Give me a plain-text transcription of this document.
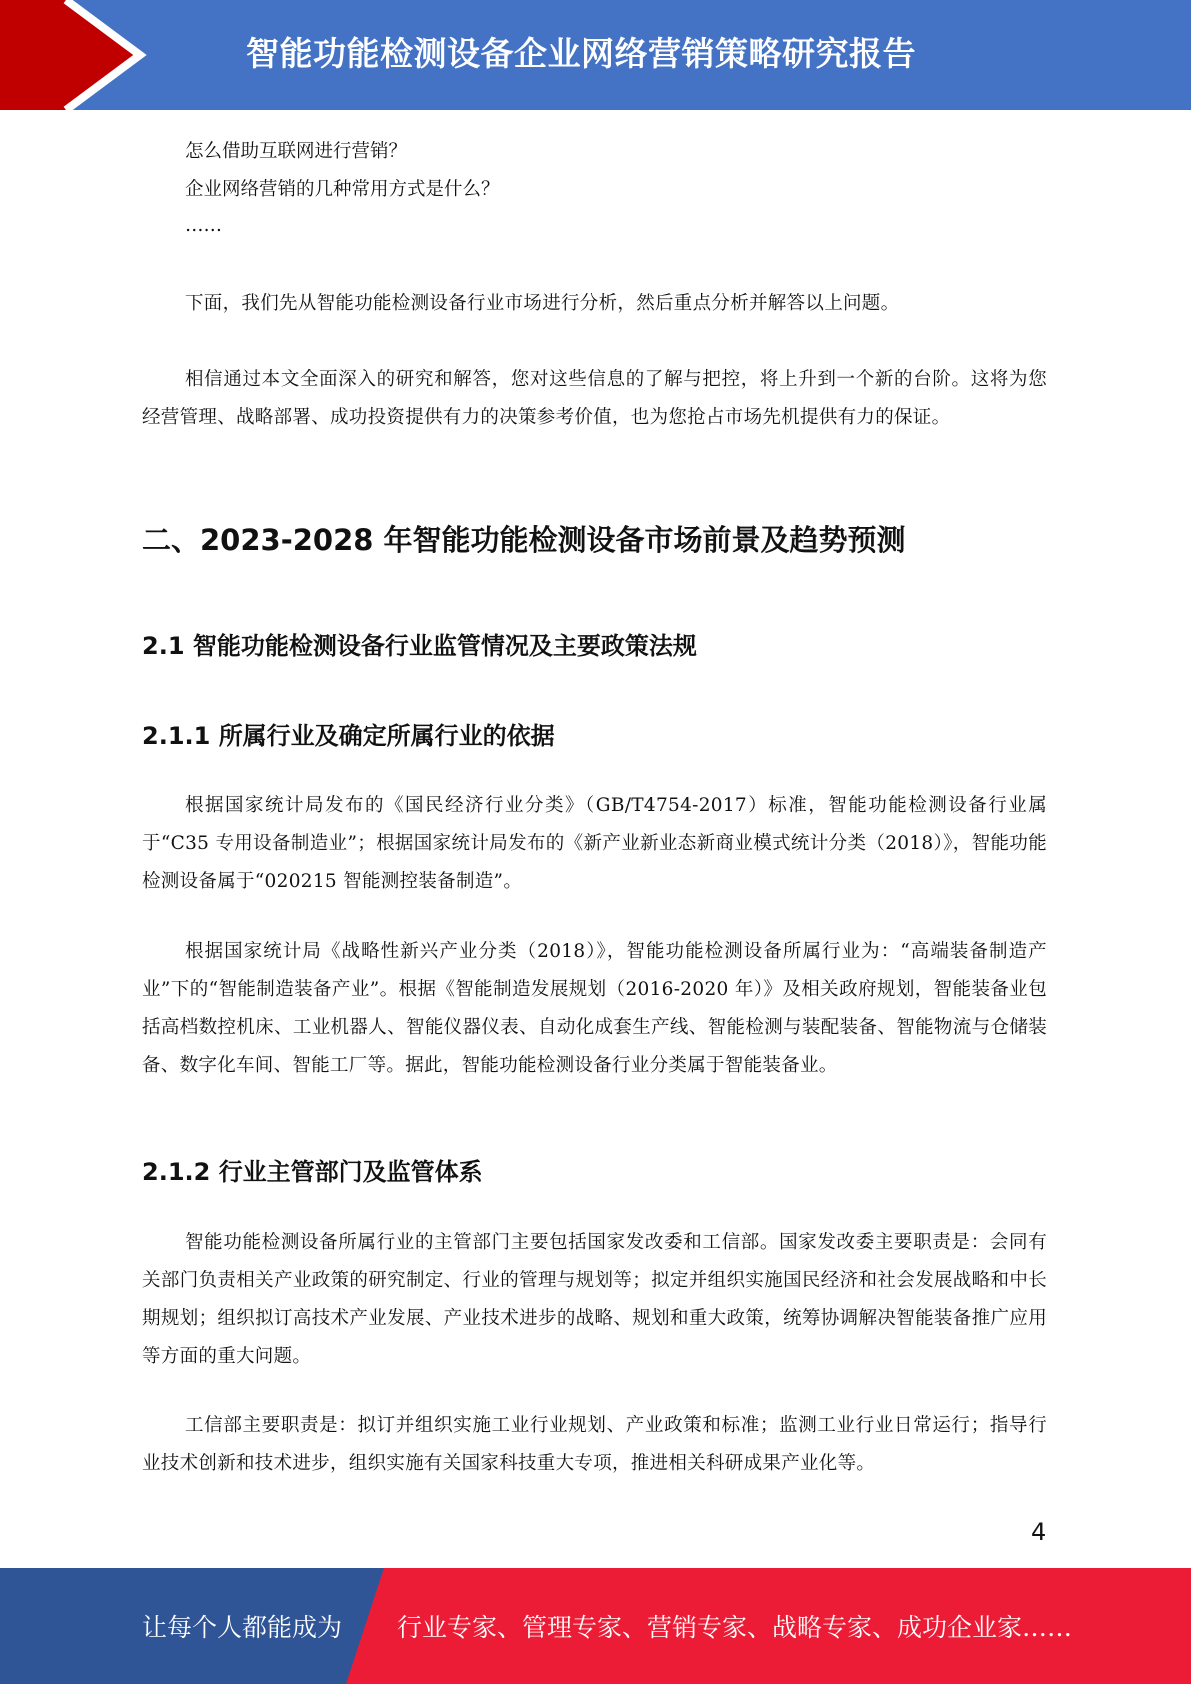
智能功能检测设备企业网络营销策略研究报告
怎么借助互联网进行营销？
企业网络营销的几种常用方式是什么？
……
下面，我们先从智能功能检测设备行业市场进行分析，然后重点分析并解答以上问题。
相信通过本文全面深入的研究和解答，您对这些信息的了解与把控，将上升到一个新的台阶。这将为您经营管理、战略部署、成功投资提供有力的决策参考价值，也为您抢占市场先机提供有力的保证。
二、2023-2028 年智能功能检测设备市场前景及趋势预测
2.1 智能功能检测设备行业监管情况及主要政策法规
2.1.1 所属行业及确定所属行业的依据
根据国家统计局发布的《国民经济行业分类》（GB/T4754-2017）标准，智能功能检测设备行业属于“C35 专用设备制造业”；根据国家统计局发布的《新产业新业态新商业模式统计分类（2018）》，智能功能检测设备属于“020215 智能测控装备制造”。
根据国家统计局《战略性新兴产业分类（2018）》，智能功能检测设备所属行业为：“高端装备制造产业”下的“智能制造装备产业”。根据《智能制造发展规划（2016-2020 年）》及相关政府规划，智能装备业包括高档数控机床、工业机器人、智能仪器仪表、自动化成套生产线、智能检测与装配装备、智能物流与仓储装备、数字化车间、智能工厂等。据此，智能功能检测设备行业分类属于智能装备业。
2.1.2 行业主管部门及监管体系
智能功能检测设备所属行业的主管部门主要包括国家发改委和工信部。国家发改委主要职责是：会同有关部门负责相关产业政策的研究制定、行业的管理与规划等；拟定并组织实施国民经济和社会发展战略和中长期规划；组织拟订高技术产业发展、产业技术进步的战略、规划和重大政策，统筹协调解决智能装备推广应用等方面的重大问题。
工信部主要职责是：拟订并组织实施工业行业规划、产业政策和标准；监测工业行业日常运行；指导行业技术创新和技术进步，组织实施有关国家科技重大专项，推进相关科研成果产业化等。
4
让每个人都能成为 行业专家、管理专家、营销专家、战略专家、成功企业家……
